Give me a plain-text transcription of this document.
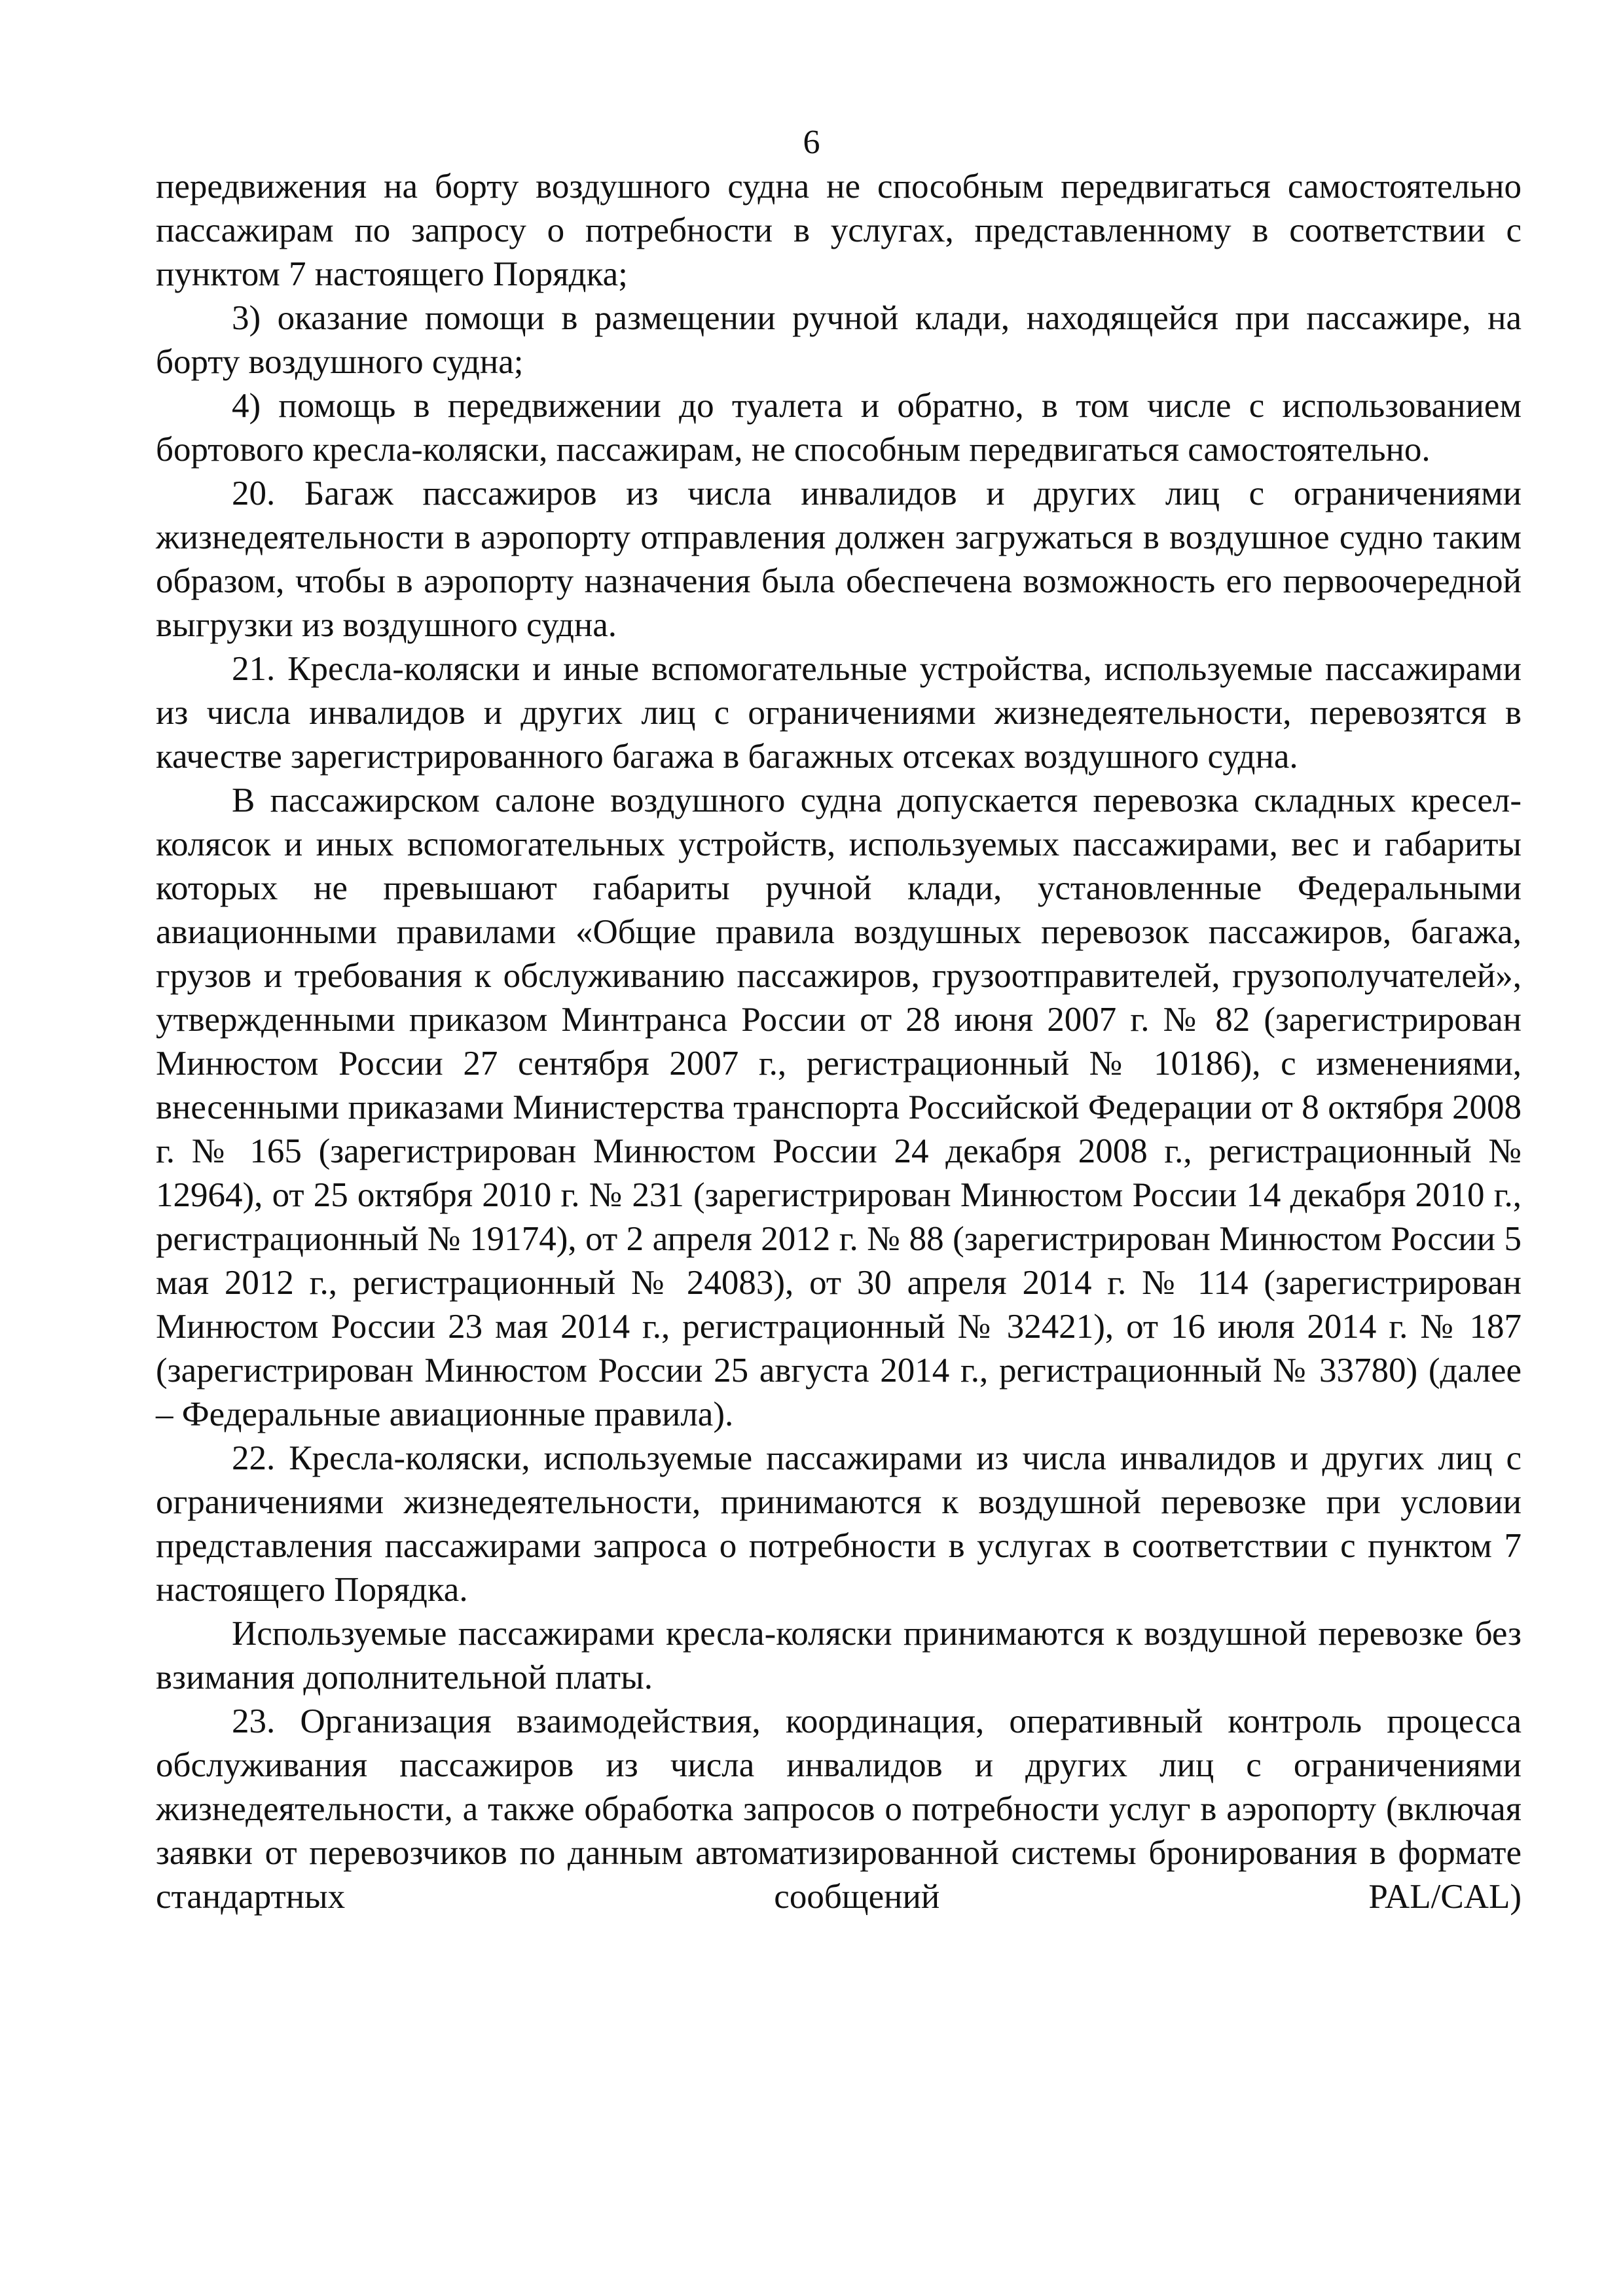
6

передвижения на борту воздушного судна не способным передвигаться самостоятельно пассажирам по запросу о потребности в услугах, представленному в соответствии с пунктом 7 настоящего Порядка;

3) оказание помощи в размещении ручной клади, находящейся при пассажире, на борту воздушного судна;

4) помощь в передвижении до туалета и обратно, в том числе с использованием бортового кресла-коляски, пассажирам, не способным передвигаться самостоятельно.

20. Багаж пассажиров из числа инвалидов и других лиц с ограничениями жизнедеятельности в аэропорту отправления должен загружаться в воздушное судно таким образом, чтобы в аэропорту назначения была обеспечена возможность его первоочередной выгрузки из воздушного судна.

21. Кресла-коляски и иные вспомогательные устройства, используемые пассажирами из числа инвалидов и других лиц с ограничениями жизнедеятельности, перевозятся в качестве зарегистрированного багажа в багажных отсеках воздушного судна.

В пассажирском салоне воздушного судна допускается перевозка складных кресел-колясок и иных вспомогательных устройств, используемых пассажирами, вес и габариты которых не превышают габариты ручной клади, установленные Федеральными авиационными правилами «Общие правила воздушных перевозок пассажиров, багажа, грузов и требования к обслуживанию пассажиров, грузоотправителей, грузополучателей», утвержденными приказом Минтранса России от 28 июня 2007 г. № 82 (зарегистрирован Минюстом России 27 сентября 2007 г., регистрационный № 10186), с изменениями, внесенными приказами Министерства транспорта Российской Федерации от 8 октября 2008 г. № 165 (зарегистрирован Минюстом России 24 декабря 2008 г., регистрационный № 12964), от 25 октября 2010 г. № 231 (зарегистрирован Минюстом России 14 декабря 2010 г., регистрационный № 19174), от 2 апреля 2012 г. № 88 (зарегистрирован Минюстом России 5 мая 2012 г., регистрационный № 24083), от 30 апреля 2014 г. № 114 (зарегистрирован Минюстом России 23 мая 2014 г., регистрационный № 32421), от 16 июля 2014 г. № 187 (зарегистрирован Минюстом России 25 августа 2014 г., регистрационный № 33780) (далее – Федеральные авиационные правила).

22. Кресла-коляски, используемые пассажирами из числа инвалидов и других лиц с ограничениями жизнедеятельности, принимаются к воздушной перевозке при условии представления пассажирами запроса о потребности в услугах в соответствии с пунктом 7 настоящего Порядка.

Используемые пассажирами кресла-коляски принимаются к воздушной перевозке без взимания дополнительной платы.

23. Организация взаимодействия, координация, оперативный контроль процесса обслуживания пассажиров из числа инвалидов и других лиц с ограничениями жизнедеятельности, а также обработка запросов о потребности услуг в аэропорту (включая заявки от перевозчиков по данным автоматизированной системы бронирования в формате стандартных сообщений PAL/CAL)
